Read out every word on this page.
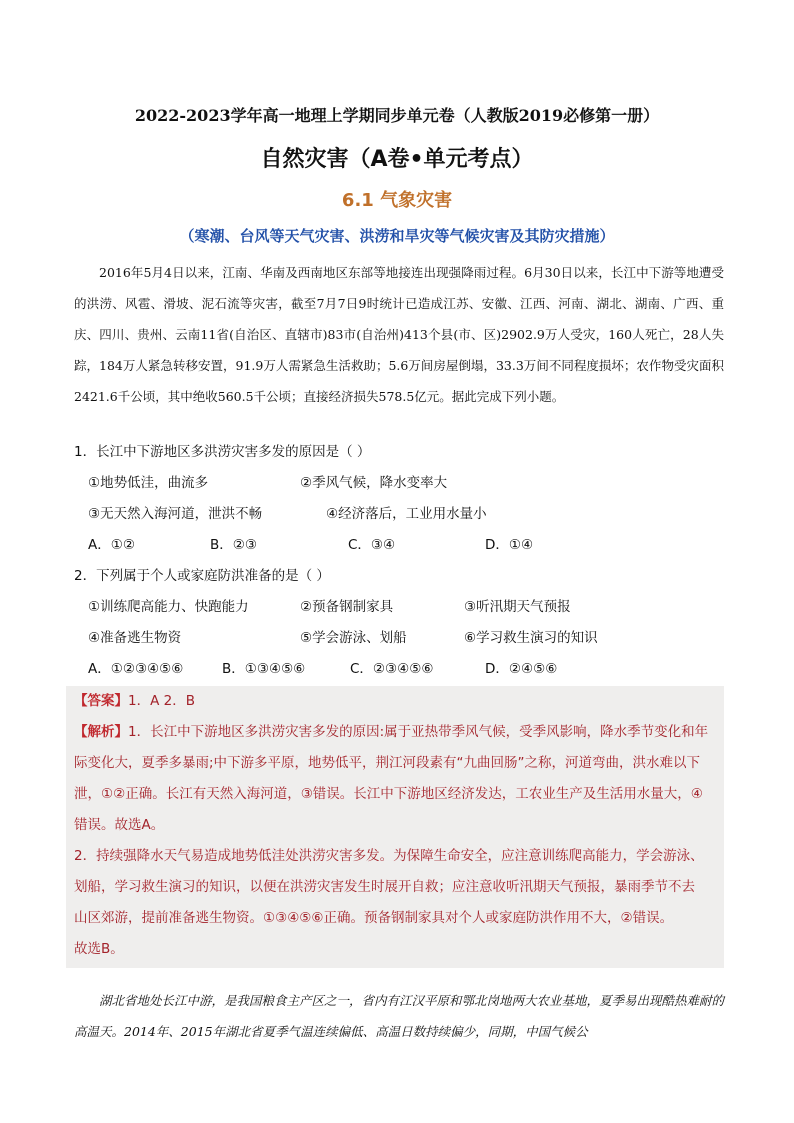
2022-2023学年高一地理上学期同步单元卷（人教版2019必修第一册）
自然灾害（A卷•单元考点）
6.1 气象灾害
（寒潮、台风等天气灾害、洪涝和旱灾等气候灾害及其防灾措施）

2016年5月4日以来，江南、华南及西南地区东部等地接连出现强降雨过程。6月30日以来，长江中下游等地遭受的洪涝、风雹、滑坡、泥石流等灾害，截至7月7日9时统计已造成江苏、安徽、江西、河南、湖北、湖南、广西、重庆、四川、贵州、云南11省(自治区、直辖市)83市(自治州)413个县(市、区)2902.9万人受灾，160人死亡，28人失踪，184万人紧急转移安置，91.9万人需紧急生活救助；5.6万间房屋倒塌，33.3万间不同程度损坏；农作物受灾面积2421.6千公顷，其中绝收560.5千公顷；直接经济损失578.5亿元。据此完成下列小题。

1．长江中下游地区多洪涝灾害多发的原因是（ ）
①地势低洼，曲流多	②季风气候，降水变率大
③无天然入海河道，泄洪不畅	④经济落后，工业用水量小
A．①②	B．②③	C．③④	D．①④
2．下列属于个人或家庭防洪准备的是（ ）
①训练爬高能力、快跑能力	②预备钢制家具	③听汛期天气预报
④准备逃生物资	⑤学会游泳、划船	⑥学习救生演习的知识
A．①②③④⑤⑥	B．①③④⑤⑥	C．②③④⑤⑥	D．②④⑤⑥

【答案】1．A 2．B

【解析】1．长江中下游地区多洪涝灾害多发的原因:属于亚热带季风气候，受季风影响，降水季节变化和年

际变化大，夏季多暴雨;中下游多平原，地势低平，荆江河段素有“九曲回肠”之称，河道弯曲，洪水难以下

泄，①②正确。长江有天然入海河道，③错误。长江中下游地区经济发达，工农业生产及生活用水量大，④

错误。故选A。

2．持续强降水天气易造成地势低洼处洪涝灾害多发。为保障生命安全，应注意训练爬高能力，学会游泳、

划船，学习救生演习的知识，以便在洪涝灾害发生时展开自救；应注意收听汛期天气预报，暴雨季节不去

山区郊游，提前准备逃生物资。①③④⑤⑥正确。预备钢制家具对个人或家庭防洪作用不大，②错误。

故选B。

湖北省地处长江中游，是我国粮食主产区之一，省内有江汉平原和鄂北岗地两大农业基地，夏季易出现酷热难耐的高温天。2014年、2015年湖北省夏季气温连续偏低、高温日数持续偏少，同期，中国气候公
